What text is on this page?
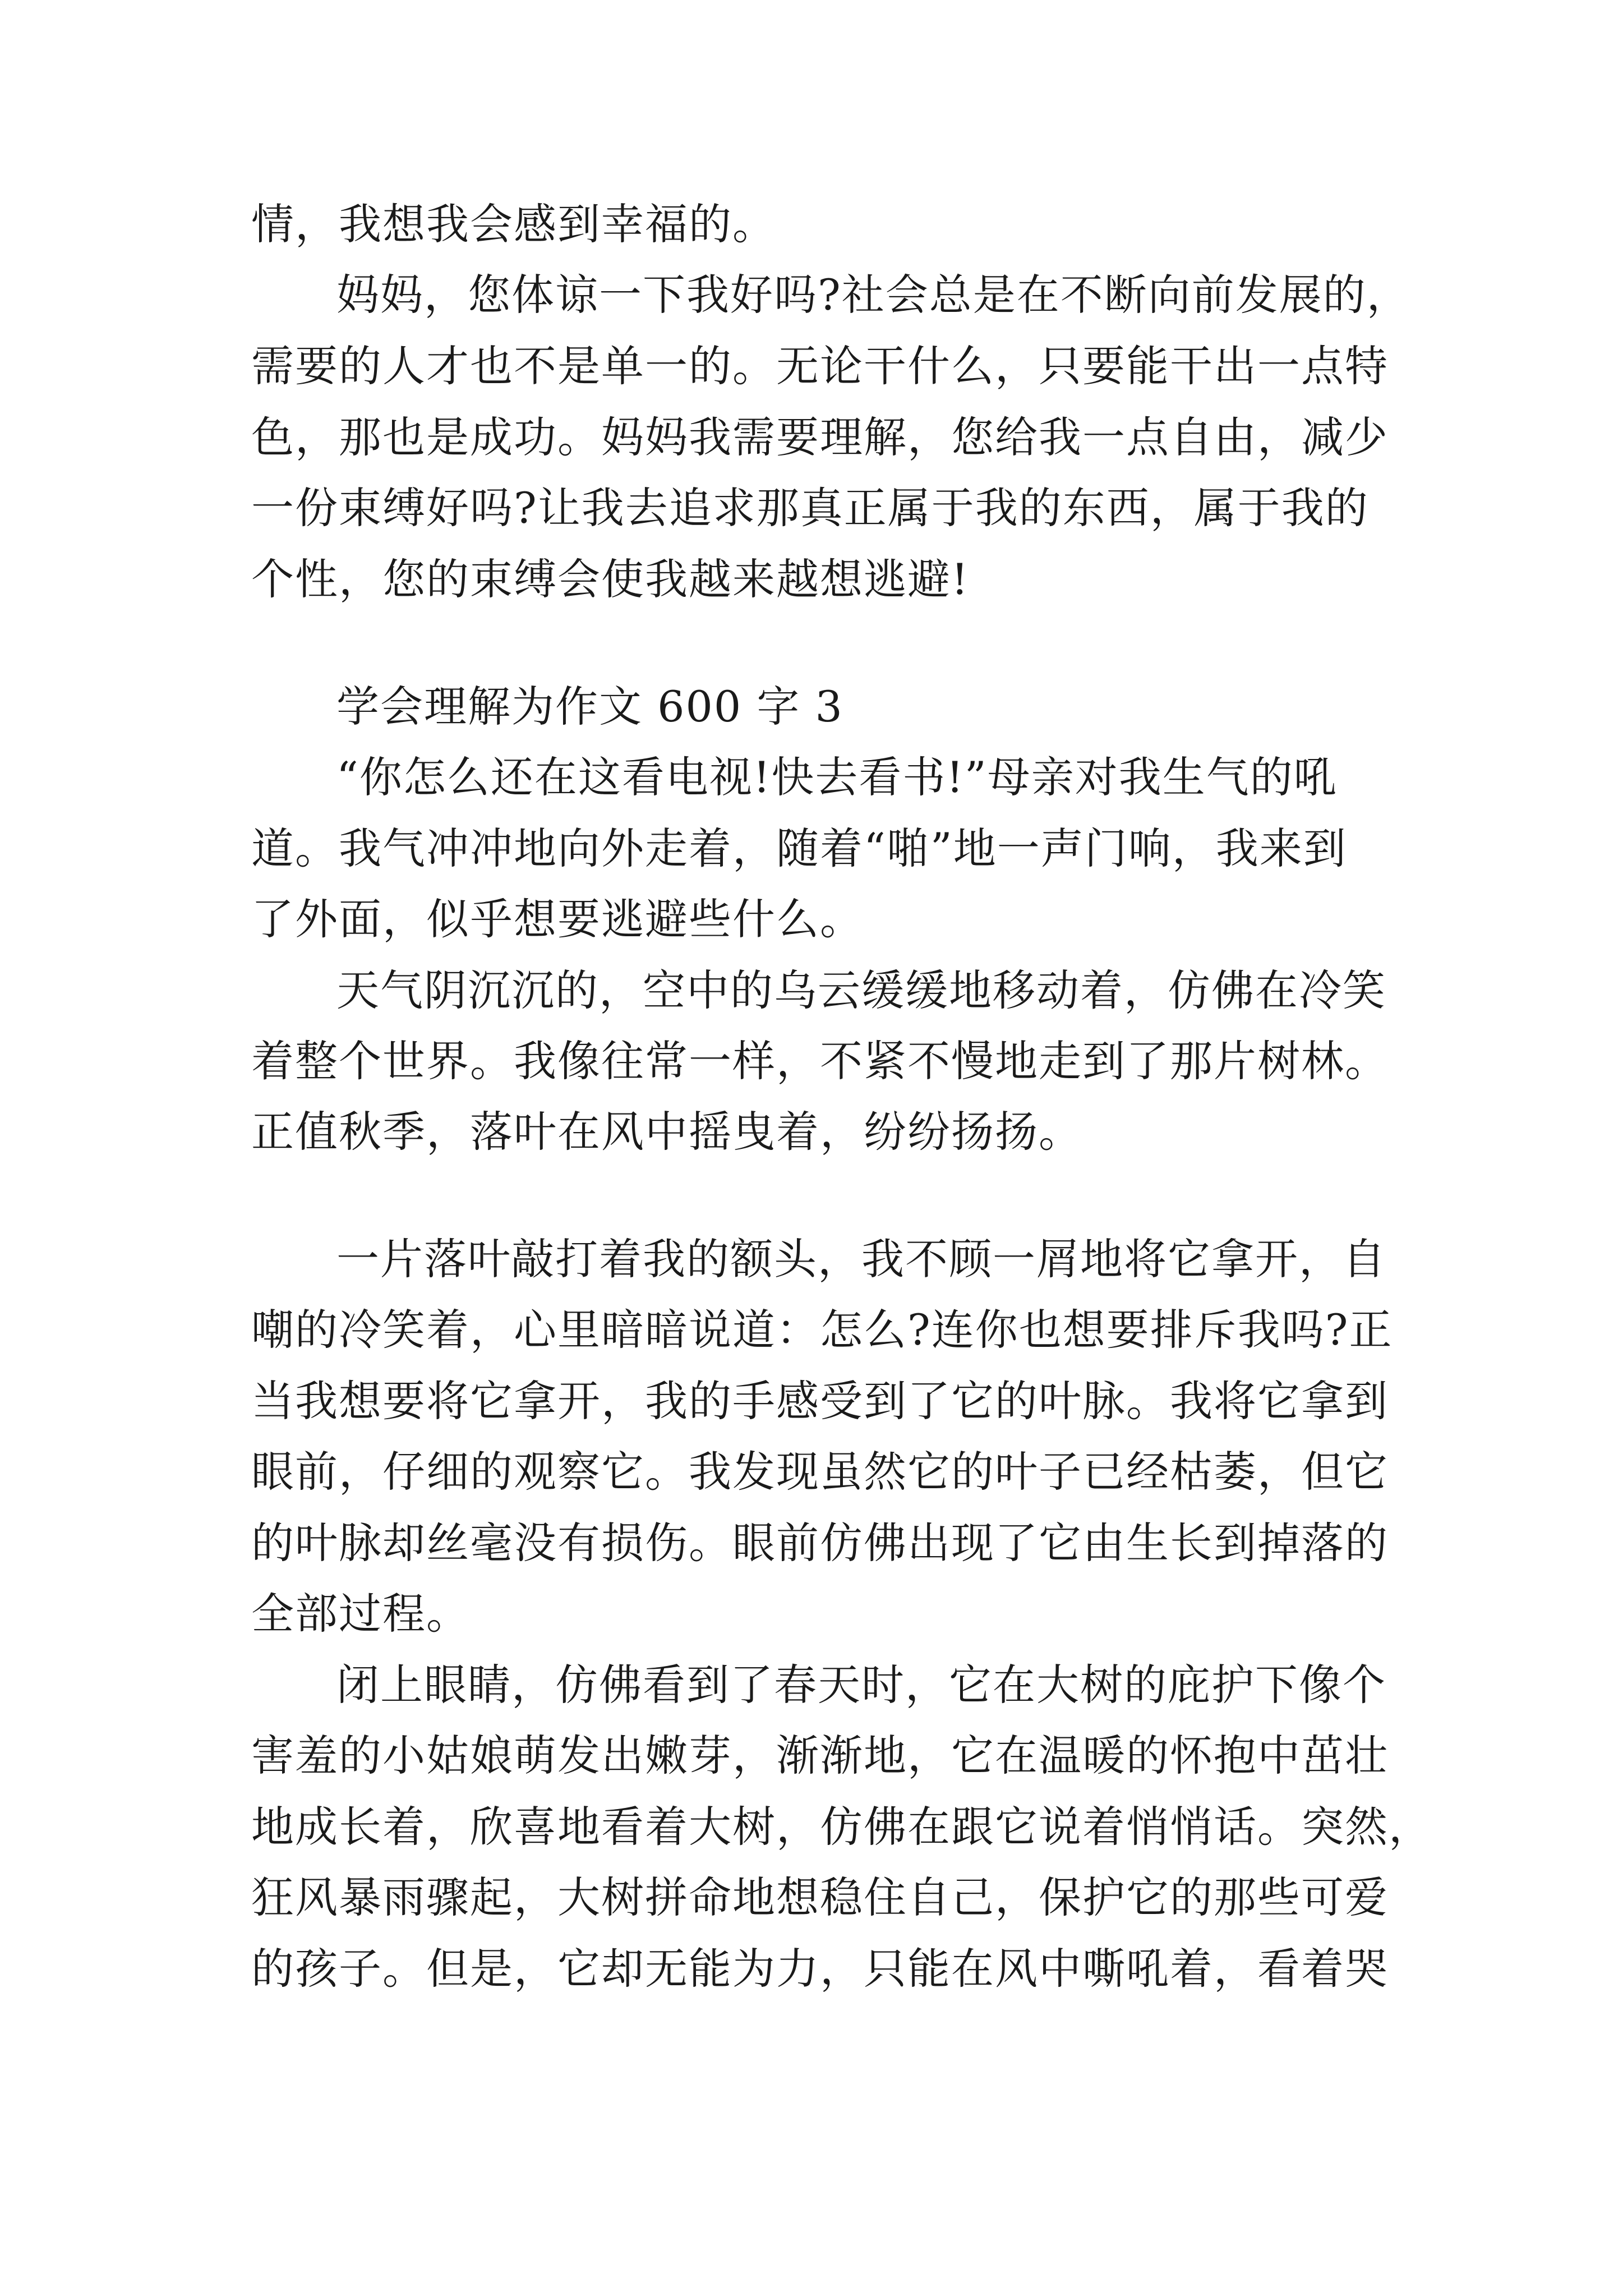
情，我想我会感到幸福的。

妈妈，您体谅一下我好吗?社会总是在不断向前发展的，

需要的人才也不是单一的。无论干什么，只要能干出一点特

色，那也是成功。妈妈我需要理解，您给我一点自由，减少

一份束缚好吗?让我去追求那真正属于我的东西，属于我的

个性，您的束缚会使我越来越想逃避!

学会理解为作文 600 字 3

“你怎么还在这看电视!快去看书!”母亲对我生气的吼

道。我气冲冲地向外走着，随着“啪”地一声门响，我来到

了外面，似乎想要逃避些什么。

天气阴沉沉的，空中的乌云缓缓地移动着，仿佛在冷笑

着整个世界。我像往常一样，不紧不慢地走到了那片树林。

正值秋季，落叶在风中摇曳着，纷纷扬扬。

一片落叶敲打着我的额头，我不顾一屑地将它拿开，自

嘲的冷笑着，心里暗暗说道：怎么?连你也想要排斥我吗?正

当我想要将它拿开，我的手感受到了它的叶脉。我将它拿到

眼前，仔细的观察它。我发现虽然它的叶子已经枯萎，但它

的叶脉却丝毫没有损伤。眼前仿佛出现了它由生长到掉落的

全部过程。

闭上眼睛，仿佛看到了春天时，它在大树的庇护下像个

害羞的小姑娘萌发出嫩芽，渐渐地，它在温暖的怀抱中茁壮

地成长着，欣喜地看着大树，仿佛在跟它说着悄悄话。突然，

狂风暴雨骤起，大树拼命地想稳住自己，保护它的那些可爱

的孩子。但是，它却无能为力，只能在风中嘶吼着，看着哭
